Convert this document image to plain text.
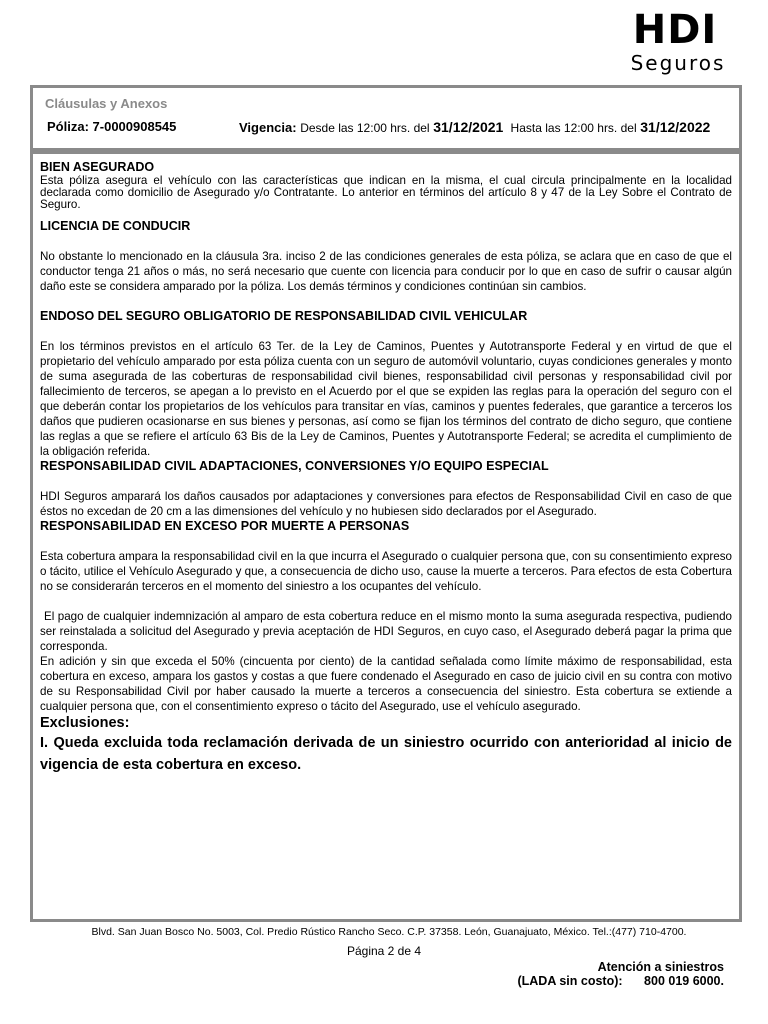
HDI
Seguros
Cláusulas y Anexos
Póliza: 7-0000908545	Vigencia: Desde las 12:00 hrs. del 31/12/2021 Hasta las 12:00 hrs. del 31/12/2022

BIEN ASEGURADO

Esta póliza asegura el vehículo con las características que indican en la misma, el cual circula principalmente en la localidad declarada como domicilio de Asegurado y/o Contratante. Lo anterior en términos del artículo 8 y 47 de la Ley Sobre el Contrato de Seguro.

LICENCIA DE CONDUCIR

No obstante lo mencionado en la cláusula 3ra. inciso 2 de las condiciones generales de esta póliza, se aclara que en caso de que el conductor tenga 21 años o más, no será necesario que cuente con licencia para conducir por lo que en caso de sufrir o causar algún daño este se considera amparado por la póliza. Los demás términos y condiciones continúan sin cambios.

ENDOSO DEL SEGURO OBLIGATORIO DE RESPONSABILIDAD CIVIL VEHICULAR

En los términos previstos en el artículo 63 Ter. de la Ley de Caminos, Puentes y Autotransporte Federal y en virtud de que el propietario del vehículo amparado por esta póliza cuenta con un seguro de automóvil voluntario, cuyas condiciones generales y monto de suma asegurada de las coberturas de responsabilidad civil bienes, responsabilidad civil personas y responsabilidad civil por fallecimiento de terceros, se apegan a lo previsto en el Acuerdo por el que se expiden las reglas para la operación del seguro con el que deberán contar los propietarios de los vehículos para transitar en vías, caminos y puentes federales, que garantice a terceros los daños que pudieren ocasionarse en sus bienes y personas, así como se fijan los términos del contrato de dicho seguro, que contiene las reglas a que se refiere el artículo 63 Bis de la Ley de Caminos, Puentes y Autotransporte Federal; se acredita el cumplimiento de la obligación referida.

RESPONSABILIDAD CIVIL ADAPTACIONES, CONVERSIONES Y/O EQUIPO ESPECIAL

HDI Seguros amparará los daños causados por adaptaciones y conversiones para efectos de Responsabilidad Civil en caso de que éstos no excedan de 20 cm a las dimensiones del vehículo y no hubiesen sido declarados por el Asegurado.

RESPONSABILIDAD EN EXCESO POR MUERTE A PERSONAS

Esta cobertura ampara la responsabilidad civil en la que incurra el Asegurado o cualquier persona que, con su consentimiento expreso o tácito, utilice el Vehículo Asegurado y que, a consecuencia de dicho uso, cause la muerte a terceros. Para efectos de esta Cobertura no se considerarán terceros en el momento del siniestro a los ocupantes del vehículo.

El pago de cualquier indemnización al amparo de esta cobertura reduce en el mismo monto la suma asegurada respectiva, pudiendo ser reinstalada a solicitud del Asegurado y previa aceptación de HDI Seguros, en cuyo caso, el Asegurado deberá pagar la prima que corresponda.

En adición y sin que exceda el 50% (cincuenta por ciento) de la cantidad señalada como límite máximo de responsabilidad, esta cobertura en exceso, ampara los gastos y costas a que fuere condenado el Asegurado en caso de juicio civil en su contra con motivo de su Responsabilidad Civil por haber causado la muerte a terceros a consecuencia del siniestro. Esta cobertura se extiende a cualquier persona que, con el consentimiento expreso o tácito del Asegurado, use el vehículo asegurado.

Exclusiones:

I. Queda excluida toda reclamación derivada de un siniestro ocurrido con anterioridad al inicio de vigencia de esta cobertura en exceso.

Blvd. San Juan Bosco No. 5003, Col. Predio Rústico Rancho Seco. C.P. 37358. León, Guanajuato, México. Tel.:(477) 710-4700.
Página 2 de 4
Atención a siniestros
(LADA sin costo): 800 019 6000.
